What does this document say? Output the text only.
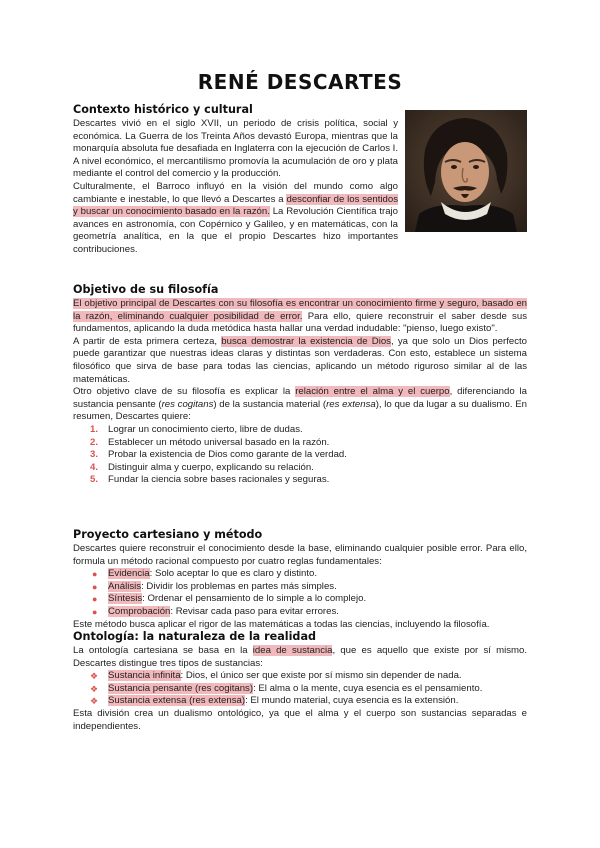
RENÉ DESCARTES
Contexto histórico y cultural

Descartes vivió en el siglo XVII, un periodo de crisis política, social y económica. La Guerra de los Treinta Años devastó Europa, mientras que la monarquía absoluta fue desafiada en Inglaterra con la ejecución de Carlos I. A nivel económico, el mercantilismo promovía la acumulación de oro y plata mediante el control del comercio y la producción.

Culturalmente, el Barroco influyó en la visión del mundo como algo cambiante e inestable, lo que llevó a Descartes a desconfiar de los sentidos y buscar un conocimiento basado en la razón. La Revolución Científica trajo avances en astronomía, con Copérnico y Galileo, y en matemáticas, con la geometría analítica, en la que el propio Descartes hizo importantes contribuciones.

Objetivo de su filosofía

El objetivo principal de Descartes con su filosofía es encontrar un conocimiento firme y seguro, basado en la razón, eliminando cualquier posibilidad de error. Para ello, quiere reconstruir el saber desde sus fundamentos, aplicando la duda metódica hasta hallar una verdad indudable: "pienso, luego existo".

A partir de esta primera certeza, busca demostrar la existencia de Dios, ya que solo un Dios perfecto puede garantizar que nuestras ideas claras y distintas son verdaderas. Con esto, establece un sistema filosófico que sirva de base para todas las ciencias, aplicando un método riguroso similar al de las matemáticas.

Otro objetivo clave de su filosofía es explicar la relación entre el alma y el cuerpo, diferenciando la sustancia pensante (res cogitans) de la sustancia material (res extensa), lo que da lugar a su dualismo. En resumen, Descartes quiere:

1. Lograr un conocimiento cierto, libre de dudas.
2. Establecer un método universal basado en la razón.
3. Probar la existencia de Dios como garante de la verdad.
4. Distinguir alma y cuerpo, explicando su relación.
5. Fundar la ciencia sobre bases racionales y seguras.
Proyecto cartesiano y método

Descartes quiere reconstruir el conocimiento desde la base, eliminando cualquier posible error. Para ello, formula un método racional compuesto por cuatro reglas fundamentales:

● Evidencia: Solo aceptar lo que es claro y distinto.
● Análisis: Dividir los problemas en partes más simples.
● Síntesis: Ordenar el pensamiento de lo simple a lo complejo.
● Comprobación: Revisar cada paso para evitar errores.

Este método busca aplicar el rigor de las matemáticas a todas las ciencias, incluyendo la filosofía.

Ontología: la naturaleza de la realidad

La ontología cartesiana se basa en la idea de sustancia, que es aquello que existe por sí mismo. Descartes distingue tres tipos de sustancias:

❖ Sustancia infinita: Dios, el único ser que existe por sí mismo sin depender de nada.
❖ Sustancia pensante (res cogitans): El alma o la mente, cuya esencia es el pensamiento.
❖ Sustancia extensa (res extensa): El mundo material, cuya esencia es la extensión.

Esta división crea un dualismo ontológico, ya que el alma y el cuerpo son sustancias separadas e independientes.
